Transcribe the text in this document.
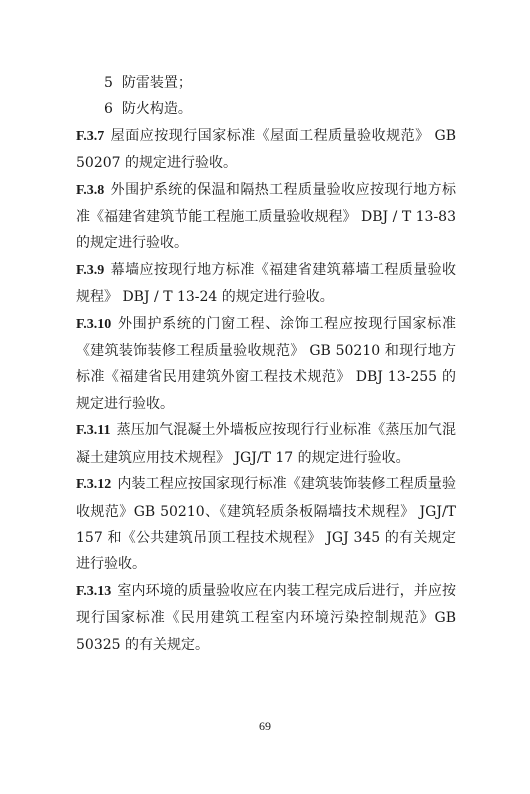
5 防雷装置；

6 防火构造。

F.3.7 屋面应按现行国家标准《屋面工程质量验收规范》 GB 50207 的规定进行验收。

F.3.8 外围护系统的保温和隔热工程质量验收应按现行地方标准《福建省建筑节能工程施工质量验收规程》 DBJ / T 13-83 的规定进行验收。

F.3.9 幕墙应按现行地方标准《福建省建筑幕墙工程质量验收规程》 DBJ / T 13-24 的规定进行验收。

F.3.10 外围护系统的门窗工程、涂饰工程应按现行国家标准《建筑装饰装修工程质量验收规范》 GB 50210 和现行地方标准《福建省民用建筑外窗工程技术规范》 DBJ 13-255 的规定进行验收。

F.3.11 蒸压加气混凝土外墙板应按现行行业标准《蒸压加气混凝土建筑应用技术规程》 JGJ/T 17 的规定进行验收。

F.3.12 内装工程应按国家现行标准《建筑装饰装修工程质量验收规范》GB 50210、《建筑轻质条板隔墙技术规程》 JGJ/T 157 和《公共建筑吊顶工程技术规程》 JGJ 345 的有关规定进行验收。

F.3.13 室内环境的质量验收应在内装工程完成后进行，并应按现行国家标准《民用建筑工程室内环境污染控制规范》GB 50325 的有关规定。

69
